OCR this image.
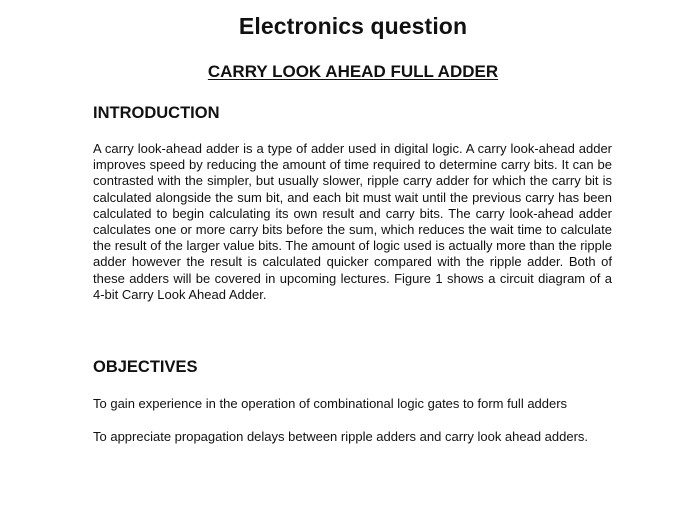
Electronics question
CARRY LOOK AHEAD FULL ADDER
INTRODUCTION

A carry look-ahead adder is a type of adder used in digital logic. A carry look-ahead adder improves speed by reducing the amount of time required to determine carry bits. It can be contrasted with the simpler, but usually slower, ripple carry adder for which the carry bit is calculated alongside the sum bit, and each bit must wait until the previous carry has been calculated to begin calculating its own result and carry bits. The carry look-ahead adder calculates one or more carry bits before the sum, which reduces the wait time to calculate the result of the larger value bits. The amount of logic used is actually more than the ripple adder however the result is calculated quicker compared with the ripple adder. Both of these adders will be covered in upcoming lectures. Figure 1 shows a circuit diagram of a 4-bit Carry Look Ahead Adder.

OBJECTIVES

To gain experience in the operation of combinational logic gates to form full adders

To appreciate propagation delays between ripple adders and carry look ahead adders.
